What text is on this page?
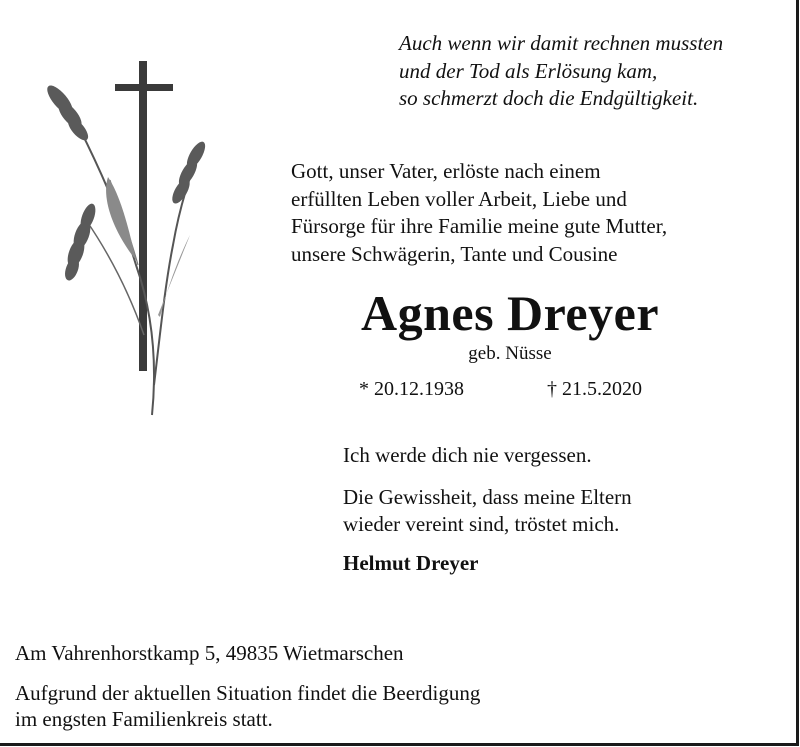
Auch wenn wir damit rechnen mussten
und der Tod als Erlösung kam,
so schmerzt doch die Endgültigkeit.
Gott, unser Vater, erlöste nach einem
erfüllten Leben voller Arbeit, Liebe und
Fürsorge für ihre Familie meine gute Mutter,
unsere Schwägerin, Tante und Cousine
Agnes Dreyer
geb. Nüsse
* 20.12.1938	† 21.5.2020
Ich werde dich nie vergessen.
Die Gewissheit, dass meine Eltern
wieder vereint sind, tröstet mich.
Helmut Dreyer
Am Vahrenhorstkamp 5, 49835 Wietmarschen
Aufgrund der aktuellen Situation findet die Beerdigung
im engsten Familienkreis statt.
